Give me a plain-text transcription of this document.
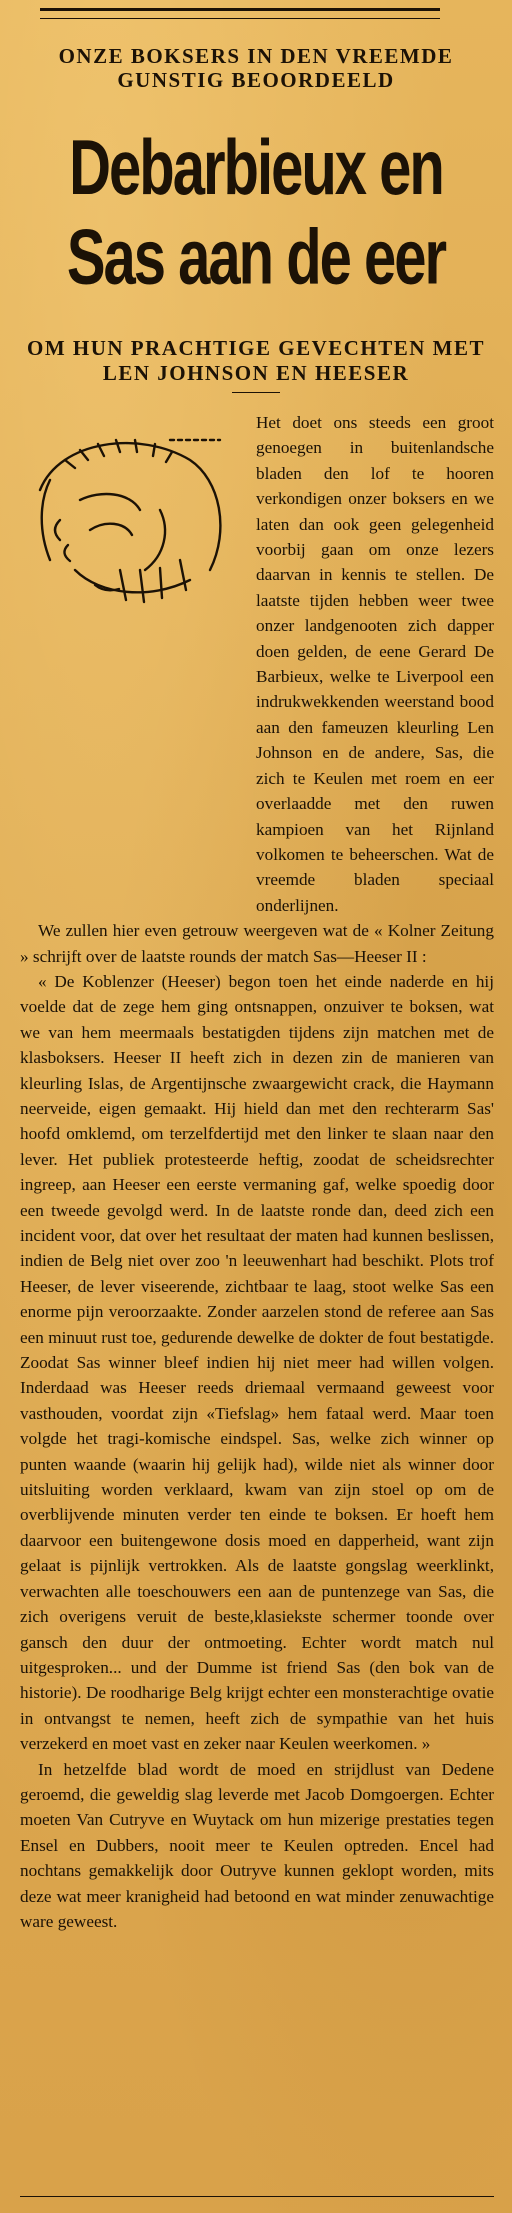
ONZE BOKSERS IN DEN VREEMDE GUNSTIG BEOORDEELD
Debarbieux en Sas aan de eer
OM HUN PRACHTIGE GEVECHTEN MET LEN JOHNSON EN HEESER

Het doet ons steeds een groot genoegen in buitenlandsche bladen den lof te hooren verkondigen onzer boksers en we laten dan ook geen gelegenheid voorbij gaan om onze lezers daarvan in kennis te stellen. De laatste tijden hebben weer twee onzer landgenooten zich dapper doen gelden, de eene Gerard De Barbieux, welke te Liverpool een indrukwekkenden weerstand bood aan den fameuzen kleurling Len Johnson en de andere, Sas, die zich te Keulen met roem en eer overlaadde met den ruwen kampioen van het Rijnland volkomen te beheerschen. Wat de vreemde bladen speciaal onderlijnen.

We zullen hier even getrouw weergeven wat de « Kolner Zeitung » schrijft over de laatste rounds der match Sas—Heeser II :

« De Koblenzer (Heeser) begon toen het einde naderde en hij voelde dat de zege hem ging ontsnappen, onzuiver te boksen, wat we van hem meermaals bestatigden tijdens zijn matchen met de klasboksers. Heeser II heeft zich in dezen zin de manieren van kleurling Islas, de Argentijnsche zwaargewicht crack, die Haymann neerveide, eigen gemaakt. Hij hield dan met den rechterarm Sas' hoofd omklemd, om terzelfdertijd met den linker te slaan naar den lever. Het publiek protesteerde heftig, zoodat de scheidsrechter ingreep, aan Heeser een eerste vermaning gaf, welke spoedig door een tweede gevolgd werd. In de laatste ronde dan, deed zich een incident voor, dat over het resultaat der maten had kunnen beslissen, indien de Belg niet over zoo 'n leeuwenhart had beschikt. Plots trof Heeser, de lever viseerende, zichtbaar te laag, stoot welke Sas een enorme pijn veroorzaakte. Zonder aarzelen stond de referee aan Sas een minuut rust toe, gedurende dewelke de dokter de fout bestatigde. Zoodat Sas winner bleef indien hij niet meer had willen volgen. Inderdaad was Heeser reeds driemaal vermaand geweest voor vasthouden, voordat zijn «Tiefslag» hem fataal werd. Maar toen volgde het tragi-komische eindspel. Sas, welke zich winner op punten waande (waarin hij gelijk had), wilde niet als winner door uitsluiting worden verklaard, kwam van zijn stoel op om de overblijvende minuten verder ten einde te boksen. Er hoeft hem daarvoor een buitengewone dosis moed en dapperheid, want zijn gelaat is pijnlijk vertrokken. Als de laatste gongslag weerklinkt, verwachten alle toeschouwers een aan de puntenzege van Sas, die zich overigens veruit de beste,klasiekste schermer toonde over gansch den duur der ontmoeting. Echter wordt match nul uitgesproken... und der Dumme ist friend Sas (den bok van de historie). De roodharige Belg krijgt echter een monsterachtige ovatie in ontvangst te nemen, heeft zich de sympathie van het huis verzekerd en moet vast en zeker naar Keulen weerkomen. »

In hetzelfde blad wordt de moed en strijdlust van Dedene geroemd, die geweldig slag leverde met Jacob Domgoergen. Echter moeten Van Cutryve en Wuytack om hun mizerige prestaties tegen Ensel en Dubbers, nooit meer te Keulen optreden. Encel had nochtans gemakkelijk door Outryve kunnen geklopt worden, mits deze wat meer kranigheid had betoond en wat minder zenuwachtige ware geweest.
